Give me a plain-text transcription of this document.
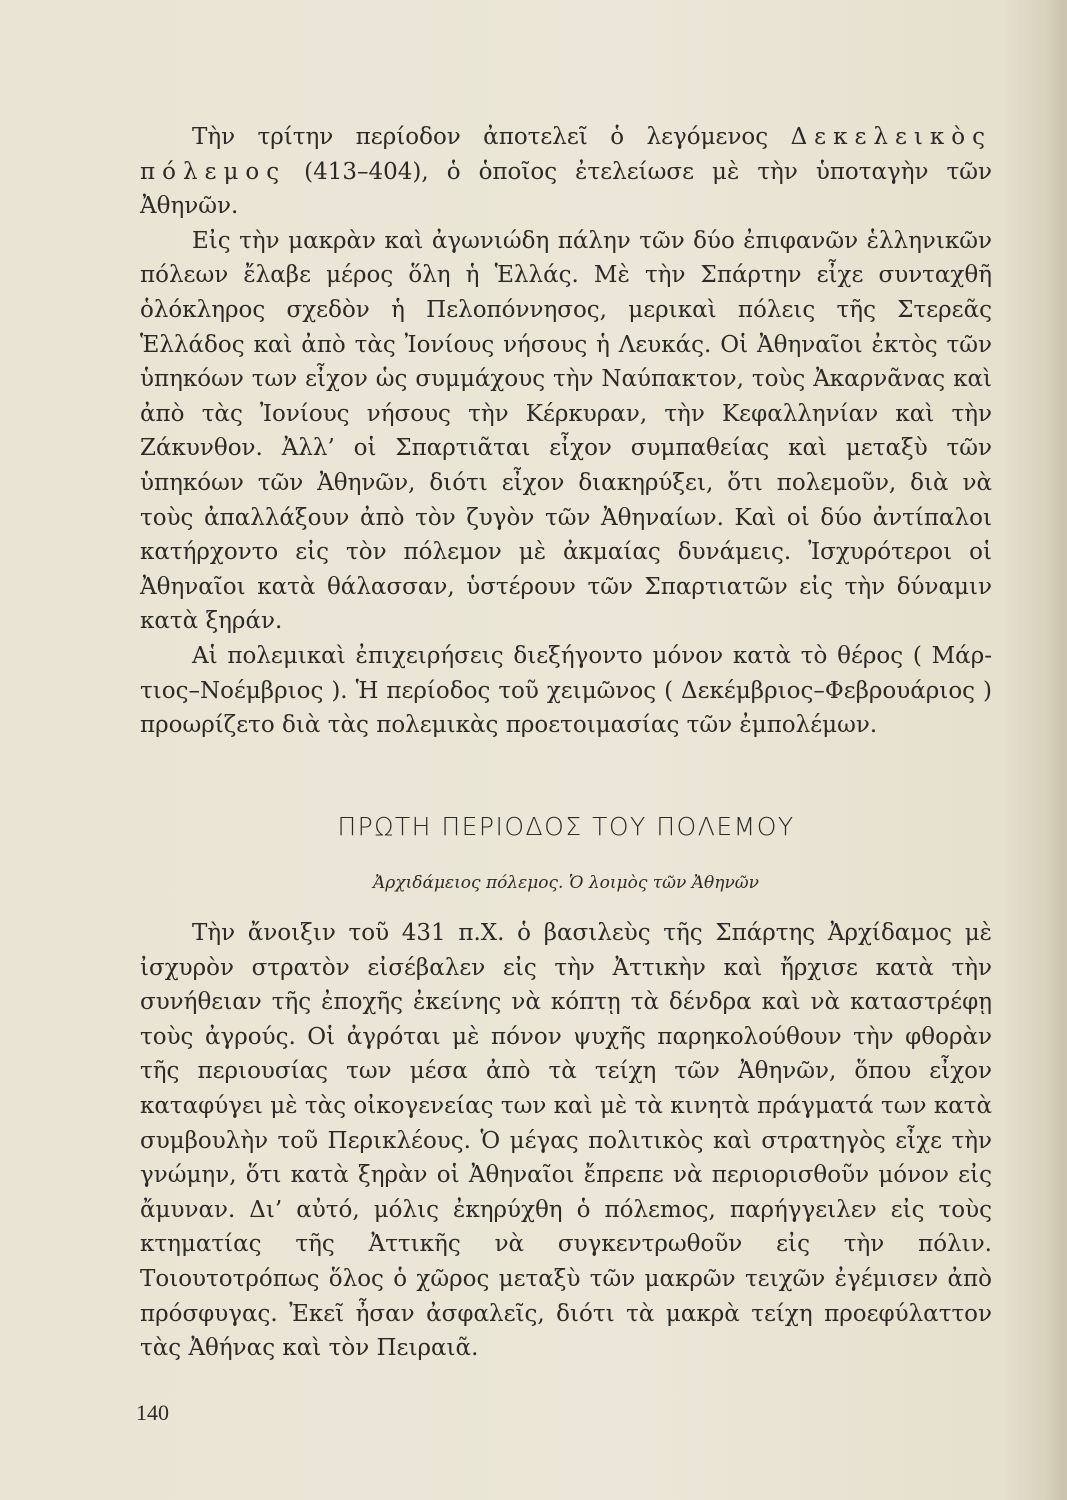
Τὴν τρίτην περίοδον ἀποτελεῖ ὁ λεγόμενος Δεκελεικὸς πόλεμος (413–404), ὁ ὁποῖος ἐτελείωσε μὲ τὴν ὑποταγὴν τῶν Ἀθηνῶν.

Εἰς τὴν μακρὰν καὶ ἀγωνιώδη πάλην τῶν δύο ἐπιφανῶν ἑλληνικῶν πόλεων ἔλαβε μέρος ὅλη ἡ Ἑλλάς. Μὲ τὴν Σπάρτην εἶχε συνταχθῆ ὁλόκληρος σχεδὸν ἡ Πελοπόννησος, μερικαὶ πόλεις τῆς Στερεᾶς Ἑλλάδος καὶ ἀπὸ τὰς Ἰονίους νήσους ἡ Λευκάς. Οἱ Ἀθηναῖοι ἐκτὸς τῶν ὑπηκόων των εἶχον ὡς συμμάχους τὴν Ναύπακτον, τοὺς Ἀκαρνᾶνας καὶ ἀπὸ τὰς Ἰονίους νήσους τὴν Κέρκυραν, τὴν Κεφαλληνίαν καὶ τὴν Ζάκυνθον. Ἀλλ’ οἱ Σπαρτιᾶται εἶχον συμπαθείας καὶ μεταξὺ τῶν ὑπηκόων τῶν Ἀθηνῶν, διότι εἶχον διακηρύξει, ὅτι πολεμοῦν, διὰ νὰ τοὺς ἀπαλλάξουν ἀπὸ τὸν ζυγὸν τῶν Ἀθηναίων. Καὶ οἱ δύο ἀντίπαλοι κατήρχοντο εἰς τὸν πόλεμον μὲ ἀκμαίας δυνάμεις. Ἰσχυρότεροι οἱ Ἀθηναῖοι κατὰ θάλασσαν, ὑστέρουν τῶν Σπαρτιατῶν εἰς τὴν δύναμιν κατὰ ξηράν.

Αἱ πολεμικαὶ ἐπιχειρήσεις διεξήγοντο μόνον κατὰ τὸ θέρος ( Μάρτιος–Νοέμβριος ). Ἡ περίοδος τοῦ χειμῶνος ( Δεκέμβριος–Φεβρουάριος ) προωρίζετο διὰ τὰς πολεμικὰς προετοιμασίας τῶν ἐμπολέμων.

ΠΡΩΤΗ ΠΕΡΙΟΔΟΣ ΤΟΥ ΠΟΛΕΜΟΥ
Ἀρχιδάμειος πόλεμος. Ὁ λοιμὸς τῶν Ἀθηνῶν

Τὴν ἄνοιξιν τοῦ 431 π.Χ. ὁ βασιλεὺς τῆς Σπάρτης Ἀρχίδαμος μὲ ἰσχυρὸν στρατὸν εἰσέβαλεν εἰς τὴν Ἀττικὴν καὶ ἤρχισε κατὰ τὴν συνήθειαν τῆς ἐποχῆς ἐκείνης νὰ κόπτῃ τὰ δένδρα καὶ νὰ καταστρέφῃ τοὺς ἀγρούς. Οἱ ἀγρόται μὲ πόνον ψυχῆς παρηκολούθουν τὴν φθορὰν τῆς περιουσίας των μέσα ἀπὸ τὰ τείχη τῶν Ἀθηνῶν, ὅπου εἶχον καταφύγει μὲ τὰς οἰκογενείας των καὶ μὲ τὰ κινητὰ πράγματά των κατὰ συμβουλὴν τοῦ Περικλέους. Ὁ μέγας πολιτικὸς καὶ στρατηγὸς εἶχε τὴν γνώμην, ὅτι κατὰ ξηρὰν οἱ Ἀθηναῖοι ἔπρεπε νὰ περιορισθοῦν μόνον εἰς ἄμυναν. Δι’ αὐτό, μόλις ἐκηρύχθη ὁ πόλεmος, παρήγγειλεν εἰς τοὺς κτηματίας τῆς Ἀττικῆς νὰ συγκεντρωθοῦν εἰς τὴν πόλιν. Τοιουτοτρόπως ὅλος ὁ χῶρος μεταξὺ τῶν μακρῶν τειχῶν ἐγέμισεν ἀπὸ πρόσφυγας. Ἐκεῖ ἦσαν ἀσφαλεῖς, διότι τὰ μακρὰ τείχη προεφύλαττον τὰς Ἀθήνας καὶ τὸν Πειραιᾶ.

140
